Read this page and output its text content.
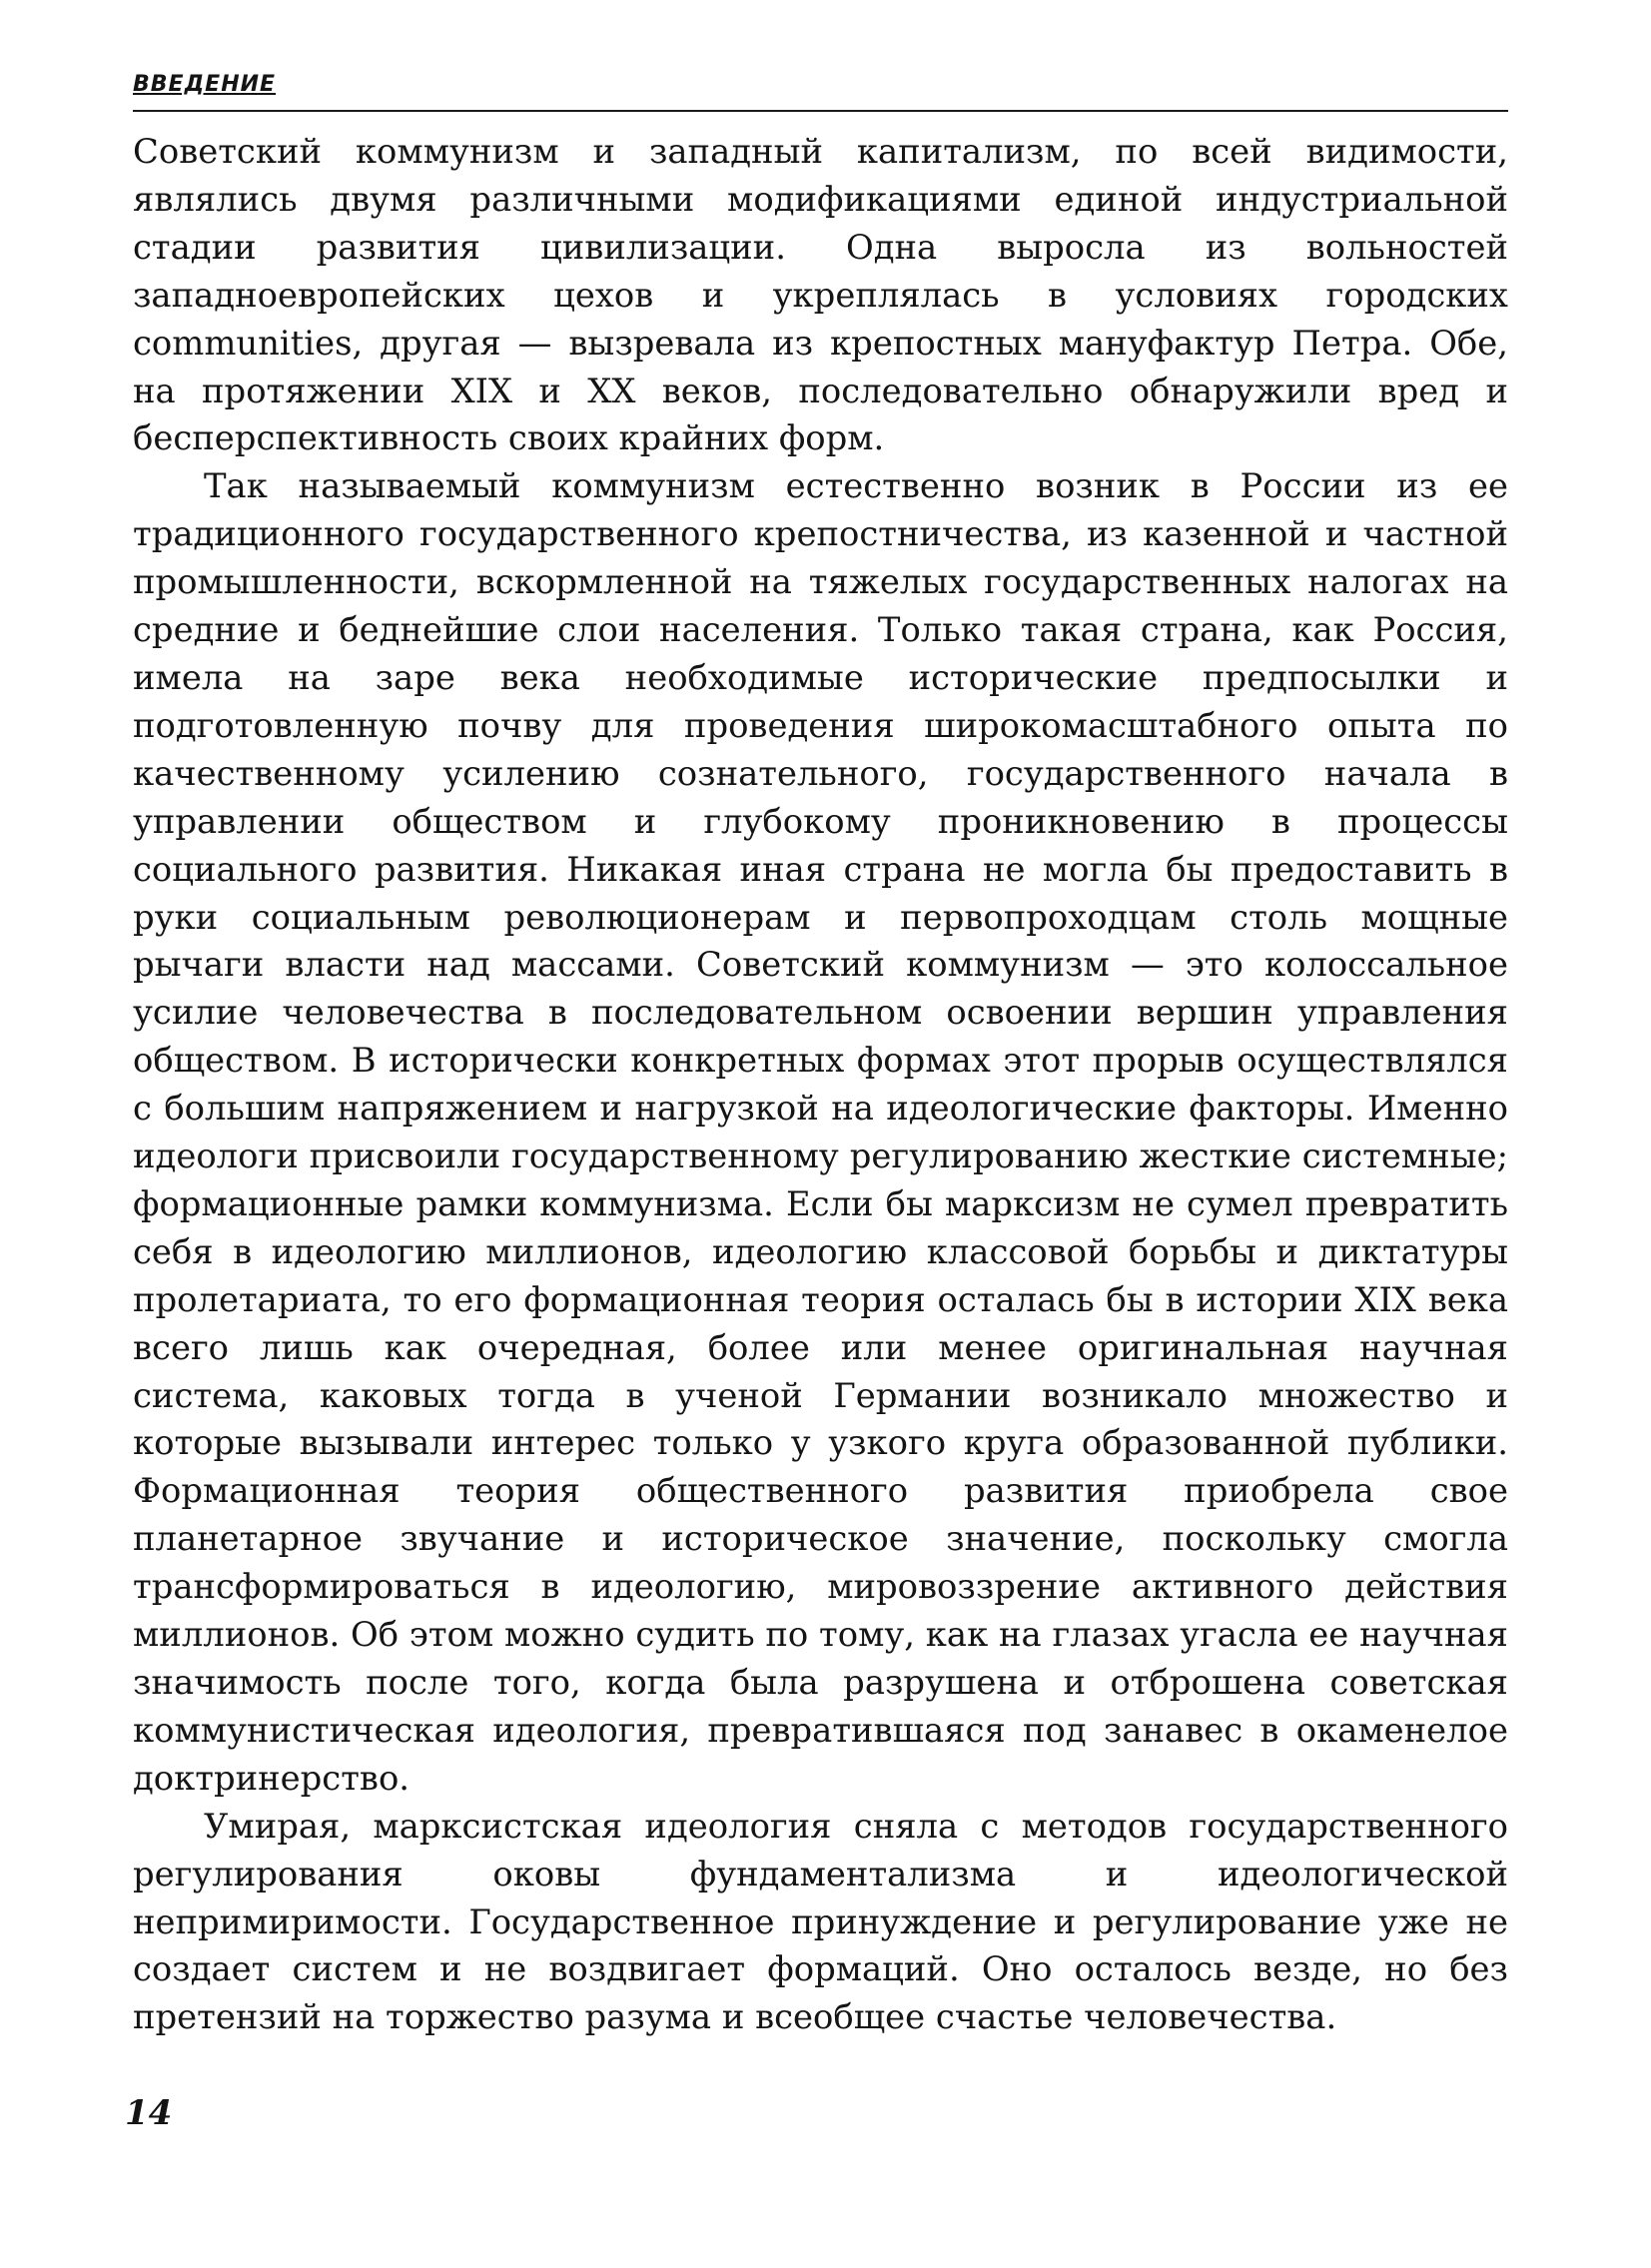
ВВЕДЕНИЕ

Советский коммунизм и западный капитализм, по всей видимости, являлись двумя различными модификациями единой индустриальной стадии развития цивилизации. Одна выросла из вольностей западноевропейских цехов и укреплялась в условиях городских communities, другая — вызревала из крепостных мануфактур Петра. Обе, на протяжении XIX и XX веков, последовательно обнаружили вред и бесперспективность своих крайних форм.

Так называемый коммунизм естественно возник в России из ее традиционного государственного крепостничества, из казенной и частной промышленности, вскормленной на тяжелых государственных налогах на средние и беднейшие слои населения. Только такая страна, как Россия, имела на заре века необходимые исторические предпосылки и подготовленную почву для проведения широкомасштабного опыта по качественному усилению сознательного, государственного начала в управлении обществом и глубокому проникновению в процессы социального развития. Никакая иная страна не могла бы предоставить в руки социальным революционерам и первопроходцам столь мощные рычаги власти над массами. Советский коммунизм — это колоссальное усилие человечества в последовательном освоении вершин управления обществом. В исторически конкретных формах этот прорыв осуществлялся с большим напряжением и нагрузкой на идеологические факторы. Именно идеологи присвоили государственному регулированию жесткие системные; формационные рамки коммунизма. Если бы марксизм не сумел превратить себя в идеологию миллионов, идеологию классовой борьбы и диктатуры пролетариата, то его формационная теория осталась бы в истории XIX века всего лишь как очередная, более или менее оригинальная научная система, каковых тогда в ученой Германии возникало множество и которые вызывали интерес только у узкого круга образованной публики. Формационная теория общественного развития приобрела свое планетарное звучание и историческое значение, поскольку смогла трансформироваться в идеологию, мировоззрение активного действия миллионов. Об этом можно судить по тому, как на глазах угасла ее научная значимость после того, когда была разрушена и отброшена советская коммунистическая идеология, превратившаяся под занавес в окаменелое доктринерство.

Умирая, марксистская идеология сняла с методов государственного регулирования оковы фундаментализма и идеологической непримиримости. Государственное принуждение и регулирование уже не создает систем и не воздвигает формаций. Оно осталось везде, но без претензий на торжество разума и всеобщее счастье человечества.

14
